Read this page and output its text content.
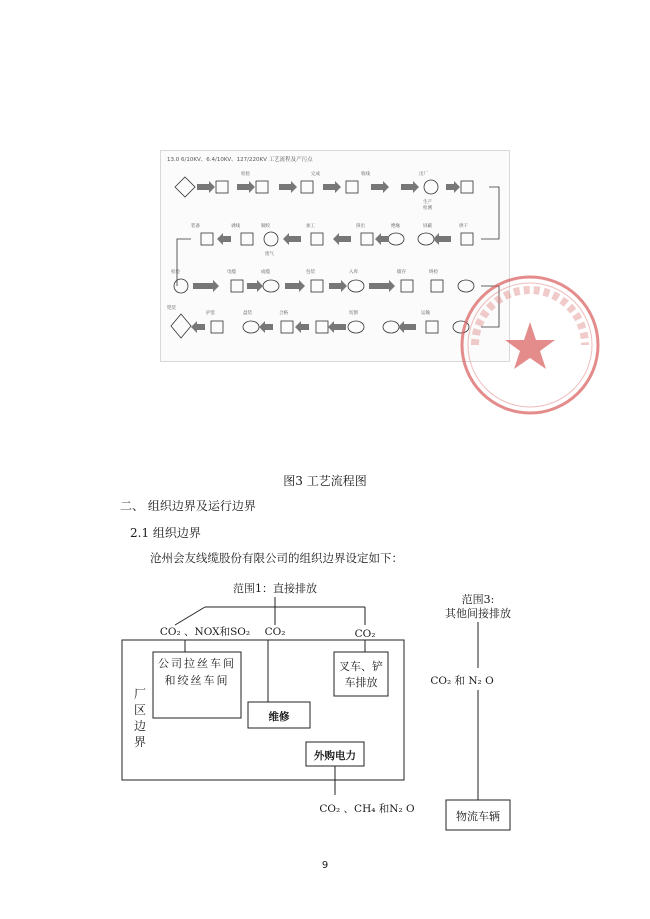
13.0 6/10KV、6.4/10KV、127/220KV 工艺流程及产污点
检验	完成	收线	出厂
生产
检测
装备	剥线	铜绞	加工	挤出	绝缘	屏蔽	烘干
废气
检验	电缆	成缆	包装	入库	储存	终检
铠装
护套	盘装	合格	切割	运输
图3 工艺流程图
二、 组织边界及运行边界
2.1 组织边界
沧州会友线缆股份有限公司的组织边界设定如下：
范围1：直接排放
范围3:
其他间接排放
CO₂ 、NOX和SO₂ CO₂	CO₂
厂
区
边
界
公司拉丝车间
和绞丝车间
叉车、铲
车排放
维修
外购电力
CO₂ 和 N₂ O
CO₂ 、CH₄ 和N₂ O
物流车辆
9
